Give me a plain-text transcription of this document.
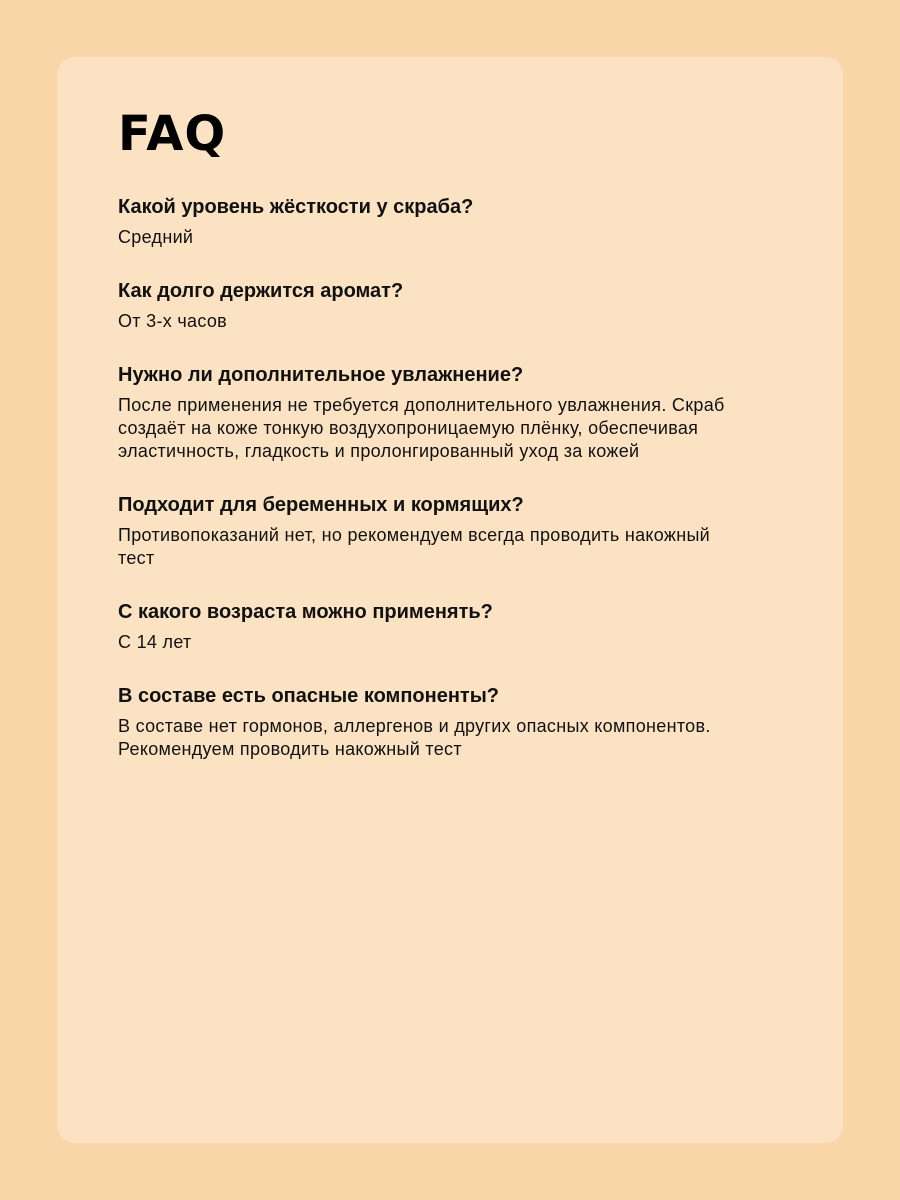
FAQ

Какой уровень жёсткости у скраба?

Средний

Как долго держится аромат?

От 3-х часов

Нужно ли дополнительное увлажнение?

После применения не требуется дополнительного увлажнения. Скраб создаёт на коже тонкую воздухопроницаемую плёнку, обеспечивая эластичность, гладкость и пролонгированный уход за кожей

Подходит для беременных и кормящих?

Противопоказаний нет, но рекомендуем всегда проводить накожный тест

С какого возраста можно применять?

С 14 лет

В составе есть опасные компоненты?

В составе нет гормонов, аллергенов и других опасных компонентов. Рекомендуем проводить накожный тест
